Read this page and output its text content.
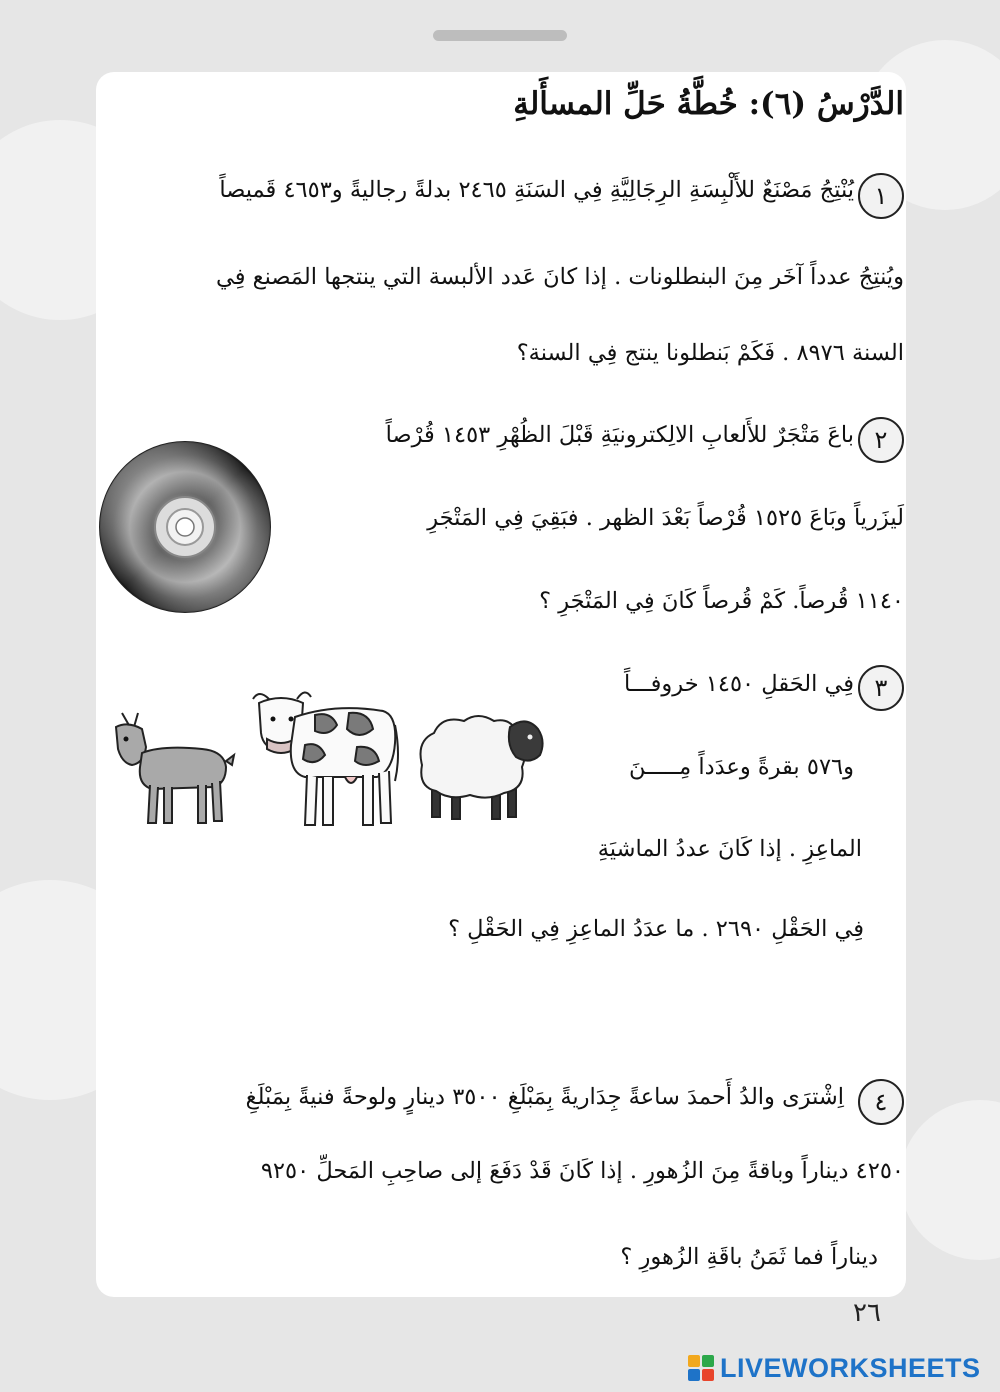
الدَّرْسُ (٦): خُطَّةُ حَلِّ المسأَلةِ
١
يُنْتِجُ مَصْنَعٌ للأَلْبِسَةِ الرِجَالِيَّةِ فِي السَنَةِ ٢٤٦٥ بدلةً رجاليةً و٤٦٥٣ قَميصاً
ويُنتِجُ عدداً آخَر مِنَ البنطلونات . إذا كانَ عَدد الألبسة التي ينتجها المَصنع فِي
السنة ٨٩٧٦ . فَكَمْ بَنطلونا ينتج فِي السنة؟
٢
باعَ مَتْجَرٌ للأَلعابِ الالِكترونيَةِ قَبْلَ الظُهْرِ ١٤٥٣ قُرْصاً
لَيزَرياً وبَاعَ ١٥٢٥ قُرْصاً بَعْدَ الظهر . فبَقِيَ فِي المَتْجَرِ
١١٤٠ قُرصاً. كَمْ قُرصاً كَانَ فِي المَتْجَرِ ؟
٣
فِي الحَقلِ ١٤٥٠ خروفـــاً
و٥٧٦ بقرةً وعدَداً مِـــــنَ
الماعِزِ . إذا كَانَ عددُ الماشيَةِ
فِي الحَقْلِ ٢٦٩٠ . ما عدَدُ الماعِزِ فِي الحَقْلِ ؟
٤
اِشْترَى والدُ أَحمدَ ساعةً جِدَاريةً بِمَبْلَغِ ٣٥٠٠ دينارٍ ولوحةً فنيةً بِمَبْلَغِ
٤٢٥٠ ديناراً وباقةً مِنَ الزُهورِ . إذا كَانَ قَدْ دَفَعَ إلى صاحِبِ المَحلِّ ٩٢٥٠
ديناراً فما ثَمَنُ باقَةِ الزُهورِ ؟
٢٦
LIVEWORKSHEETS
